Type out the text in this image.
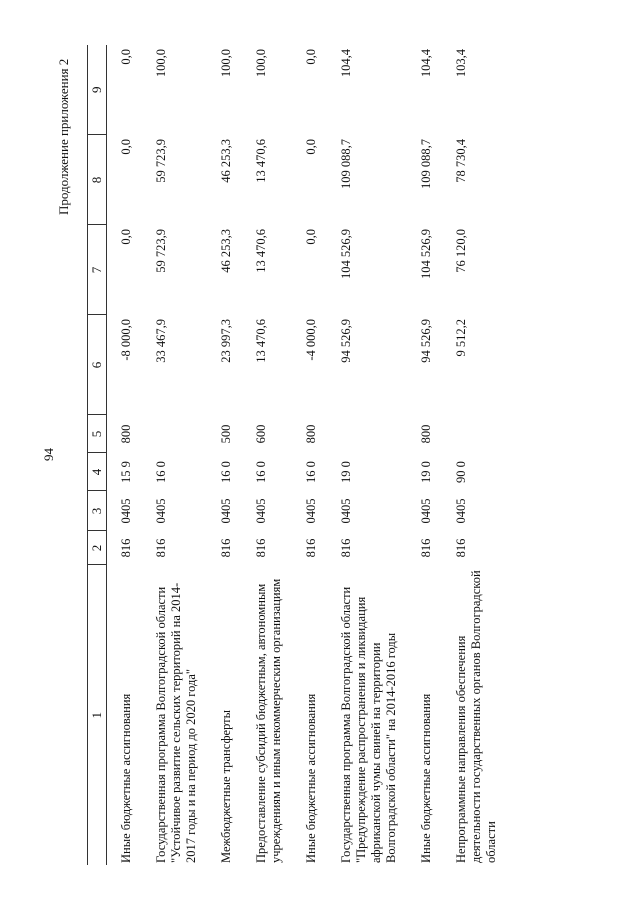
94
Продолжение приложения 2
1	2	3	4	5	6	7	8	9
Иные бюджетные ассигнования	816	0405	15 9	800	-8 000,0	0,0	0,0	0,0
Государственная программа Волгоградской области "Устойчивое развитие сельских территорий на 2014-2017 годы и на период до 2020 года"	816	0405	16 0		33 467,9	59 723,9	59 723,9	100,0
Межбюджетные трансферты	816	0405	16 0	500	23 997,3	46 253,3	46 253,3	100,0
Предоставление субсидий бюджетным, автономным учреждениям и иным некоммерческим организациям	816	0405	16 0	600	13 470,6	13 470,6	13 470,6	100,0
Иные бюджетные ассигнования	816	0405	16 0	800	-4 000,0	0,0	0,0	0,0
Государственная программа Волгоградской области "Предупреждение распространения и ликвидация африканской чумы свиней на территории Волгоградской области" на 2014-2016 годы	816	0405	19 0		94 526,9	104 526,9	109 088,7	104,4
Иные бюджетные ассигнования	816	0405	19 0	800	94 526,9	104 526,9	109 088,7	104,4
Непрограммные направления обеспечения деятельности государственных органов Волгоградской области	816	0405	90 0		9 512,2	76 120,0	78 730,4	103,4
